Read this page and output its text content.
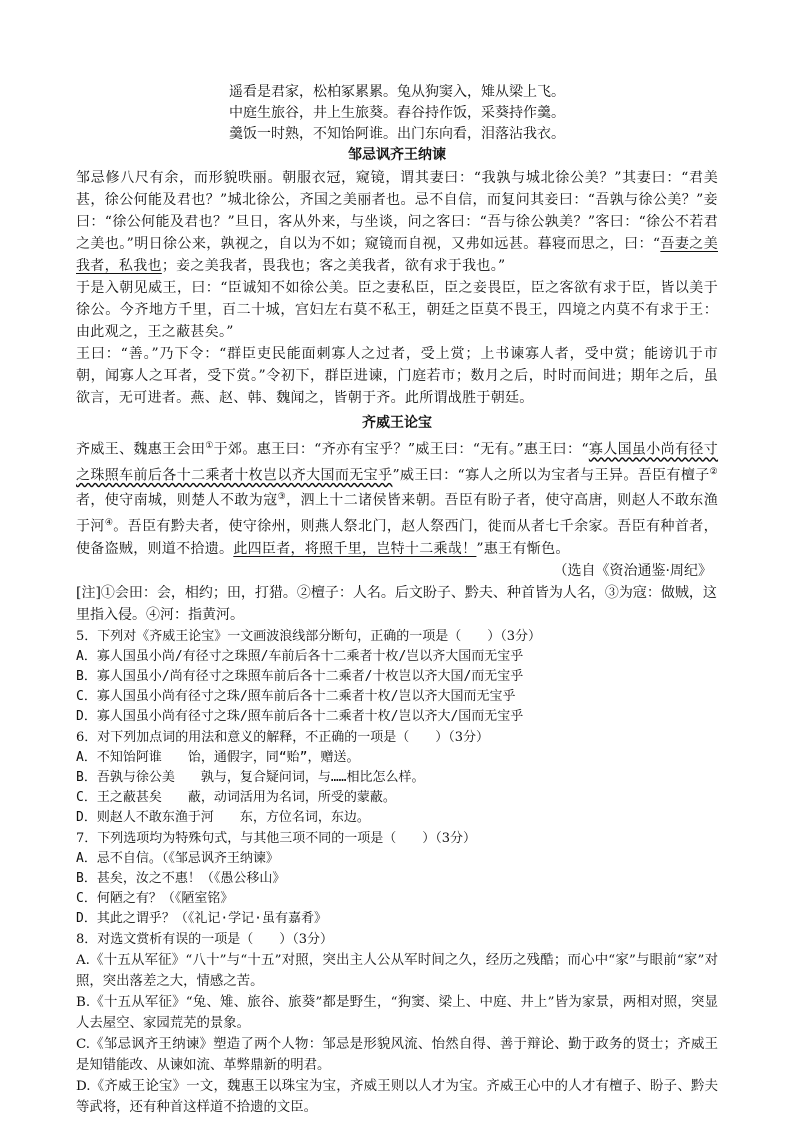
遥看是君家，松柏冢累累。兔从狗窦入，雉从梁上飞。
中庭生旅谷，井上生旅葵。舂谷持作饭，采葵持作羹。
羹饭一时熟，不知饴阿谁。出门东向看，泪落沾我衣。
邹忌讽齐王纳谏
邹忌修八尺有余，而形貌昳丽。朝服衣冠，窥镜，谓其妻曰：“我孰与城北徐公美？”其妻曰：“君美甚，徐公何能及君也？”城北徐公，齐国之美丽者也。忌不自信，而复问其妾曰：“吾孰与徐公美？”妾曰：“徐公何能及君也？”旦日，客从外来，与坐谈，问之客曰：“吾与徐公孰美？”客曰：“徐公不若君之美也。”明日徐公来，孰视之，自以为不如；窥镜而自视，又弗如远甚。暮寝而思之，曰：“吾妻之美我者，私我也；妾之美我者，畏我也；客之美我者，欲有求于我也。”
于是入朝见威王，曰：“臣诚知不如徐公美。臣之妻私臣，臣之妾畏臣，臣之客欲有求于臣，皆以美于徐公。今齐地方千里，百二十城，宫妇左右莫不私王，朝廷之臣莫不畏王，四境之内莫不有求于王：由此观之，王之蔽甚矣。”
王曰：“善。”乃下令：“群臣吏民能面刺寡人之过者，受上赏；上书谏寡人者，受中赏；能谤讥于市朝，闻寡人之耳者，受下赏。”令初下，群臣进谏，门庭若市；数月之后，时时而间进；期年之后，虽欲言，无可进者。燕、赵、韩、魏闻之，皆朝于齐。此所谓战胜于朝廷。
齐威王论宝
齐威王、魏惠王会田①于郊。惠王曰：“齐亦有宝乎？”威王曰：“无有。”惠王曰：“寡人国虽小尚有径寸之珠照车前后各十二乘者十枚岂以齐大国而无宝乎”威王曰：“寡人之所以为宝者与王异。吾臣有檀子②者，使守南城，则楚人不敢为寇③，泗上十二诸侯皆来朝。吾臣有盼子者，使守高唐，则赵人不敢东渔于河④。吾臣有黔夫者，使守徐州，则燕人祭北门，赵人祭西门，徙而从者七千余家。吾臣有种首者，使备盗贼，则道不拾遗。此四臣者，将照千里，岂特十二乘哉！”惠王有惭色。
（选自《资治通鉴·周纪》
[注]①会田：会，相约；田，打猎。②檀子：人名。后文盼子、黔夫、种首皆为人名，③为寇：做贼，这里指入侵。④河：指黄河。
5．下列对《齐威王论宝》一文画波浪线部分断句，正确的一项是（　　）（3分）
A．寡人国虽小尚/有径寸之珠照/车前后各十二乘者十枚/岂以齐大国而无宝乎
B．寡人国虽小/尚有径寸之珠照车前后各十二乘者/十枚岂以齐大国/而无宝乎
C．寡人国虽小尚有径寸之珠/照车前后各十二乘者十枚/岂以齐大国而无宝乎
D．寡人国虽小尚有径寸之珠/照车前后各十二乘者十枚/岂以齐大/国而无宝乎
6．对下列加点词的用法和意义的解释，不正确的一项是（　　）（3分）
A．不知饴阿谁　　饴，通假字，同“贻”，赠送。
B．吾孰与徐公美　　孰与，复合疑问词，与……相比怎么样。
C．王之蔽甚矣　　蔽，动词活用为名词，所受的蒙蔽。
D．则赵人不敢东渔于河　　东，方位名词，东边。
7．下列选项均为特殊句式，与其他三项不同的一项是（　　）（3分）
A．忌不自信。（《邹忌讽齐王纳谏》
B．甚矣，汝之不惠！（《愚公移山》
C．何陋之有？（《陋室铭》
D．其此之谓乎？（《礼记·学记·虽有嘉肴》
8．对选文赏析有误的一项是（　　）（3分）
A.《十五从军征》“八十”与“十五”对照，突出主人公从军时间之久，经历之残酷；而心中“家”与眼前“家”对照，突出落差之大，情感之苦。
B.《十五从军征》“兔、雉、旅谷、旅葵”都是野生，“狗窦、梁上、中庭、井上”皆为家景，两相对照，突显人去屋空、家园荒芜的景象。
C.《邹忌讽齐王纳谏》塑造了两个人物：邹忌是形貌风流、怡然自得、善于辩论、勤于政务的贤士；齐威王是知错能改、从谏如流、革弊鼎新的明君。
D.《齐威王论宝》一文，魏惠王以珠宝为宝，齐威王则以人才为宝。齐威王心中的人才有檀子、盼子、黔夫等武将，还有种首这样道不拾遗的文臣。
